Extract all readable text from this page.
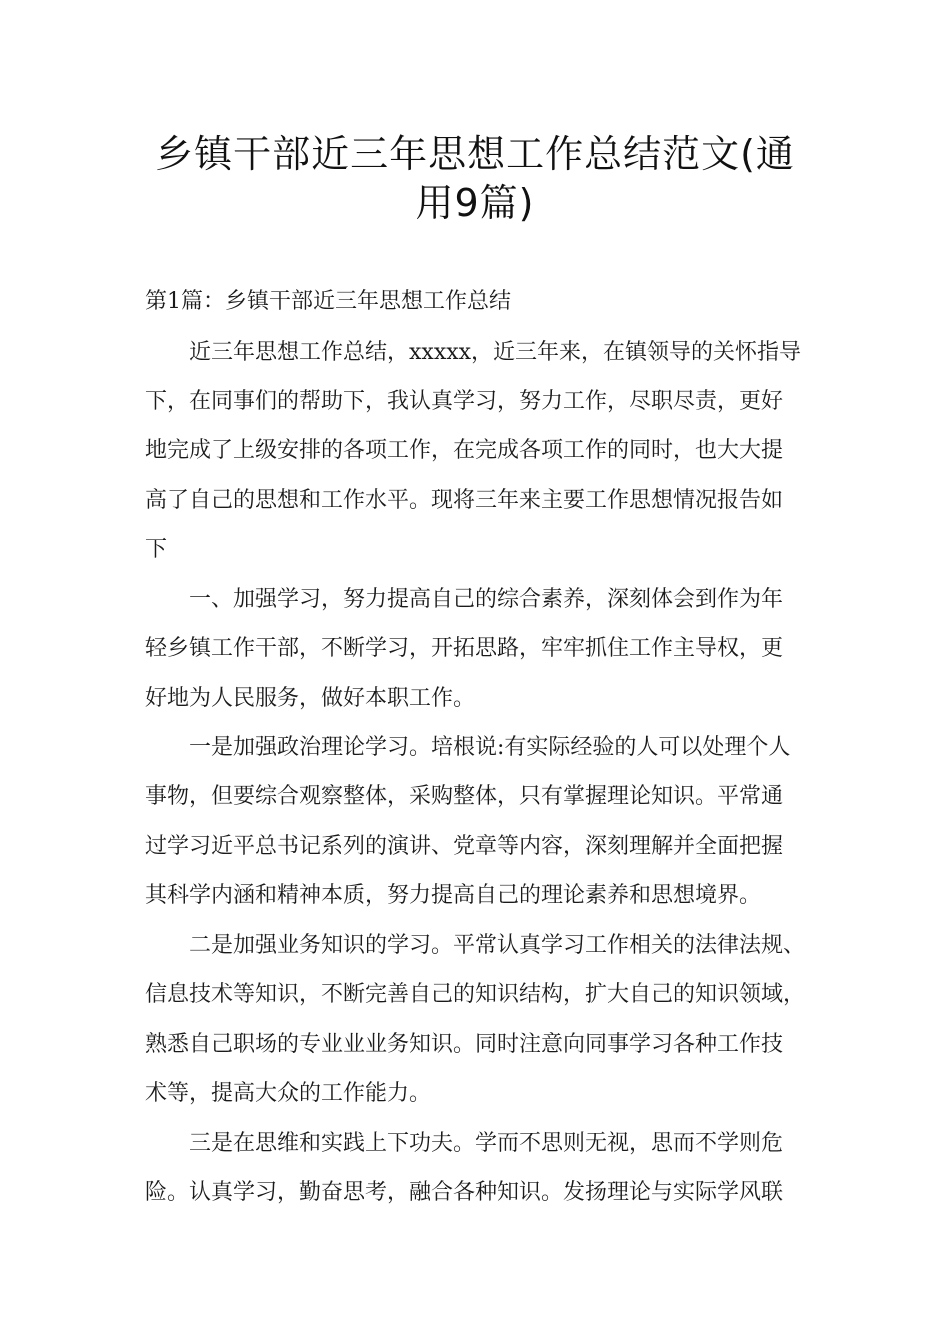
乡镇干部近三年思想工作总结范文(通
用9篇)
第1篇：乡镇干部近三年思想工作总结
近三年思想工作总结，xxxxx，近三年来，在镇领导的关怀指导
下，在同事们的帮助下，我认真学习，努力工作，尽职尽责，更好
地完成了上级安排的各项工作，在完成各项工作的同时，也大大提
高了自己的思想和工作水平。现将三年来主要工作思想情况报告如
下
一、加强学习，努力提高自己的综合素养，深刻体会到作为年
轻乡镇工作干部，不断学习，开拓思路，牢牢抓住工作主导权，更
好地为人民服务，做好本职工作。
一是加强政治理论学习。培根说:有实际经验的人可以处理个人
事物，但要综合观察整体，采购整体，只有掌握理论知识。平常通
过学习近平总书记系列的演讲、党章等内容，深刻理解并全面把握
其科学内涵和精神本质，努力提高自己的理论素养和思想境界。
二是加强业务知识的学习。平常认真学习工作相关的法律法规、
信息技术等知识，不断完善自己的知识结构，扩大自己的知识领域，
熟悉自己职场的专业业业务知识。同时注意向同事学习各种工作技
术等，提高大众的工作能力。
三是在思维和实践上下功夫。学而不思则无视，思而不学则危
险。认真学习，勤奋思考，融合各种知识。发扬理论与实际学风联
